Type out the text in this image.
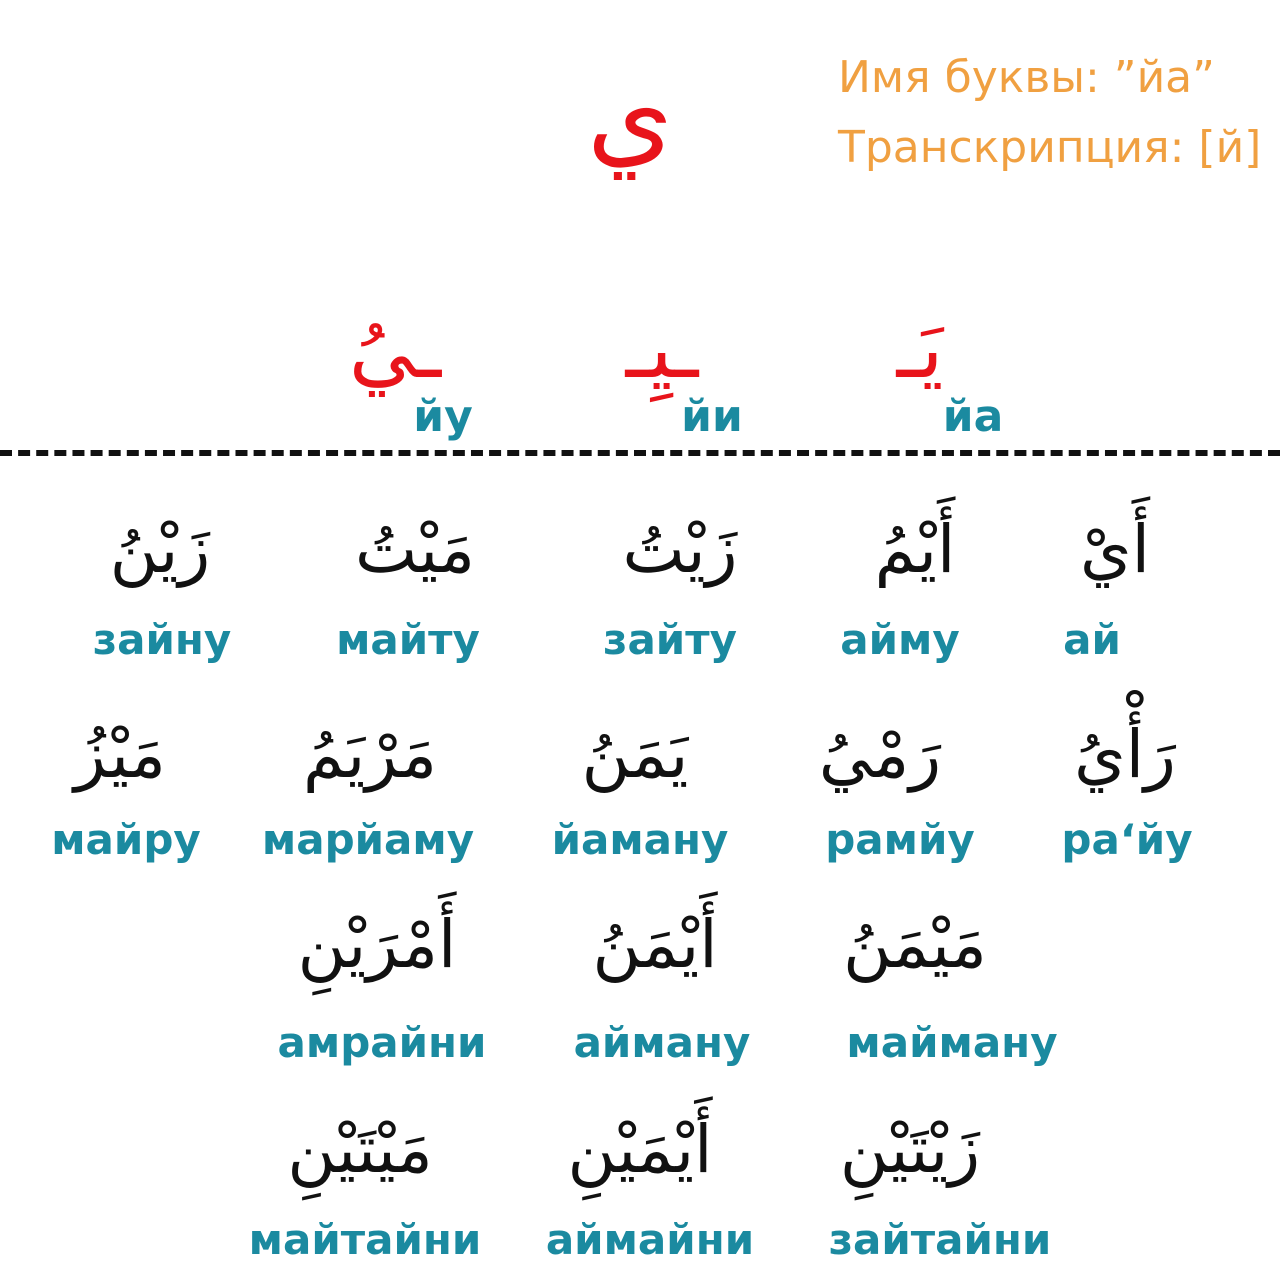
ي	Имя буквы: ”йа”
Транскрипция: [й]
ـيُ
йу
ـيِـ
йи
يَـ
йа
زَيْنُ
зайну
مَيْتُ
майту
زَيْتُ
зайту
أَيْمُ
айму
أَيْ
ай
مَيْزُ
майру
مَرْيَمُ
марйаму
يَمَنُ
йаману
رَمْيُ
рамйу
رَأْيُ
ра‘йу
أَمْرَيْنِ
амрайни
أَيْمَنُ
айману
مَيْمَنُ
маймaну
مَيْتَيْنِ
майтайни
أَيْمَيْنِ
аймайни
زَيْتَيْنِ
зайтайни
